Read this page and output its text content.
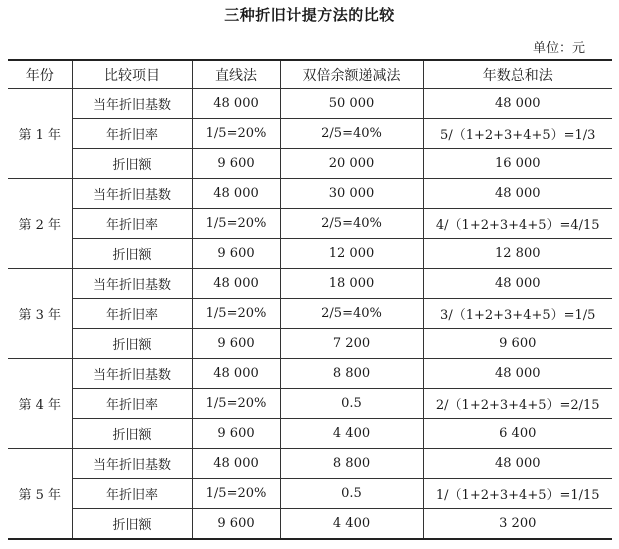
三种折旧计提方法的比较
单位：元
年份	比较项目	直线法	双倍余额递减法	年数总和法
第 1 年	当年折旧基数	48 000	50 000	48 000
	年折旧率	1/5=20%	2/5=40%	5/（1+2+3+4+5）=1/3
	折旧额	9 600	20 000	16 000
第 2 年	当年折旧基数	48 000	30 000	48 000
	年折旧率	1/5=20%	2/5=40%	4/（1+2+3+4+5）=4/15
	折旧额	9 600	12 000	12 800
第 3 年	当年折旧基数	48 000	18 000	48 000
	年折旧率	1/5=20%	2/5=40%	3/（1+2+3+4+5）=1/5
	折旧额	9 600	7 200	9 600
第 4 年	当年折旧基数	48 000	8 800	48 000
	年折旧率	1/5=20%	0.5	2/（1+2+3+4+5）=2/15
	折旧额	9 600	4 400	6 400
第 5 年	当年折旧基数	48 000	8 800	48 000
	年折旧率	1/5=20%	0.5	1/（1+2+3+4+5）=1/15
	折旧额	9 600	4 400	3 200
